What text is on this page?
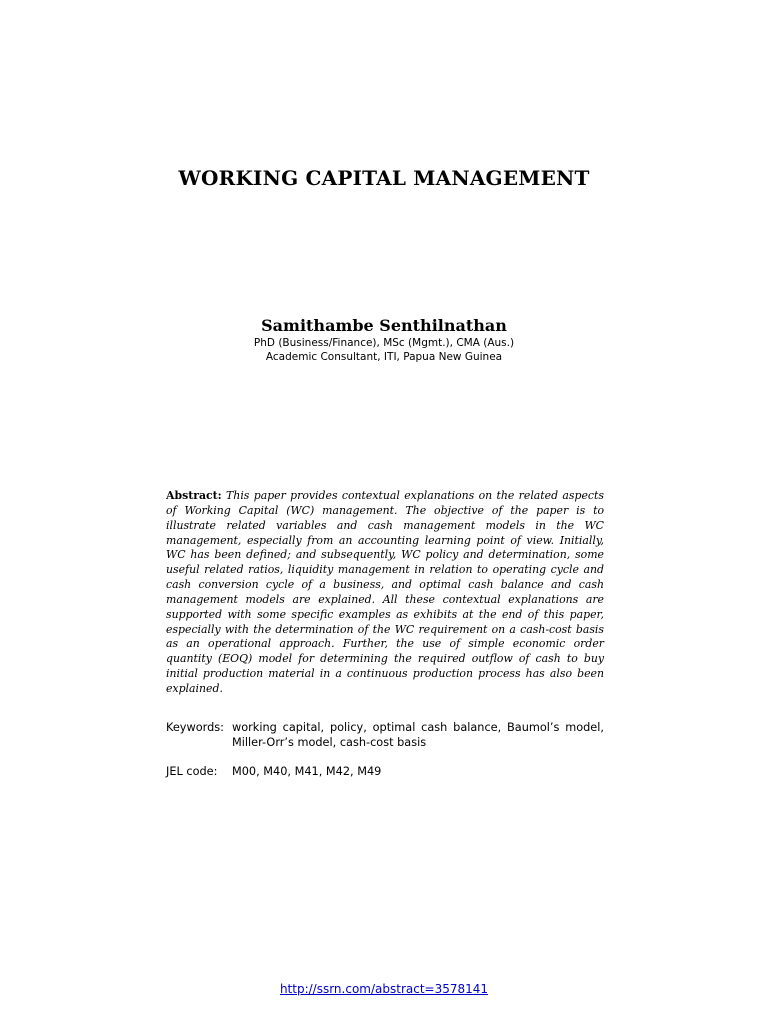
WORKING CAPITAL MANAGEMENT
Samithambe Senthilnathan
PhD (Business/Finance), MSc (Mgmt.), CMA (Aus.)
Academic Consultant, ITI, Papua New Guinea

Abstract: This paper provides contextual explanations on the related aspects of Working Capital (WC) management. The objective of the paper is to illustrate related variables and cash management models in the WC management, especially from an accounting learning point of view. Initially, WC has been defined; and subsequently, WC policy and determination, some useful related ratios, liquidity management in relation to operating cycle and cash conversion cycle of a business, and optimal cash balance and cash management models are explained. All these contextual explanations are supported with some specific examples as exhibits at the end of this paper, especially with the determination of the WC requirement on a cash-cost basis as an operational approach. Further, the use of simple economic order quantity (EOQ) model for determining the required outflow of cash to buy initial production material in a continuous production process has also been explained.

Keywords: working capital, policy, optimal cash balance, Baumol’s model, Miller-Orr’s model, cash-cost basis
JEL code:	M00, M40, M41, M42, M49
http://ssrn.com/abstract=3578141
